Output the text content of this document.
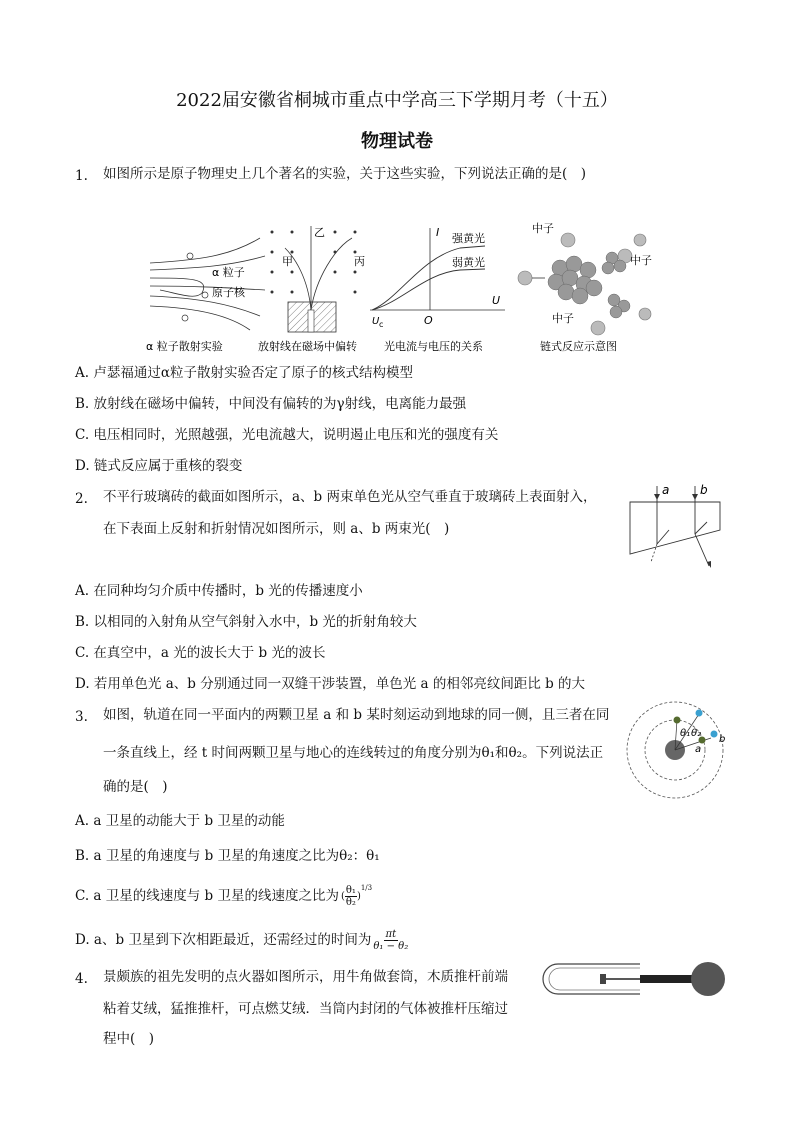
2022届安徽省桐城市重点中学高三下学期月考（十五）
物理试卷
1. 如图所示是原子物理史上几个著名的实验，关于这些实验，下列说法正确的是(　)
α 粒子
原子核
α 粒子散射实验
甲
乙
丙
放射线在磁场中偏转
I
U
U c	O
强黄光
弱黄光
光电流与电压的关系
中子
中子
中子
链式反应示意图
A. 卢瑟福通过α粒子散射实验否定了原子的核式结构模型
B. 放射线在磁场中偏转，中间没有偏转的为γ射线，电离能力最强
C. 电压相同时，光照越强，光电流越大，说明遏止电压和光的强度有关
D. 链式反应属于重核的裂变
2. 不平行玻璃砖的截面如图所示，a、b 两束单色光从空气垂直于玻璃砖上表面射入，
在下表面上反射和折射情况如图所示，则 a、b 两束光(　)
a	b
A. 在同种均匀介质中传播时，b 光的传播速度小
B. 以相同的入射角从空气斜射入水中，b 光的折射角较大
C. 在真空中，a 光的波长大于 b 光的波长
D. 若用单色光 a、b 分别通过同一双缝干涉装置，单色光 a 的相邻亮纹间距比 b 的大
3. 如图，轨道在同一平面内的两颗卫星 a 和 b 某时刻运动到地球的同一侧，且三者在同
一条直线上，经 t 时间两颗卫星与地心的连线转过的角度分别为θ₁和θ₂。下列说法正
确的是(　)
θ₁ θ₂
a
b
A. a 卫星的动能大于 b 卫星的动能
B. a 卫星的角速度与 b 卫星的角速度之比为θ₂：θ₁
C. a 卫星的线速度与 b 卫星的线速度之比为 ( $\frac{\text{θ₁}}{\text{θ₂}}$ )
$^{1/3}$
D. a、b 卫星到下次相距最近，还需经过的时间为 $\frac{\pi t}{\text{θ₁ − θ₂}}$
4. 景颇族的祖先发明的点火器如图所示，用牛角做套筒，木质推杆前端
粘着艾绒，猛推推杆，可点燃艾绒．当筒内封闭的气体被推杆压缩过
程中(　)
